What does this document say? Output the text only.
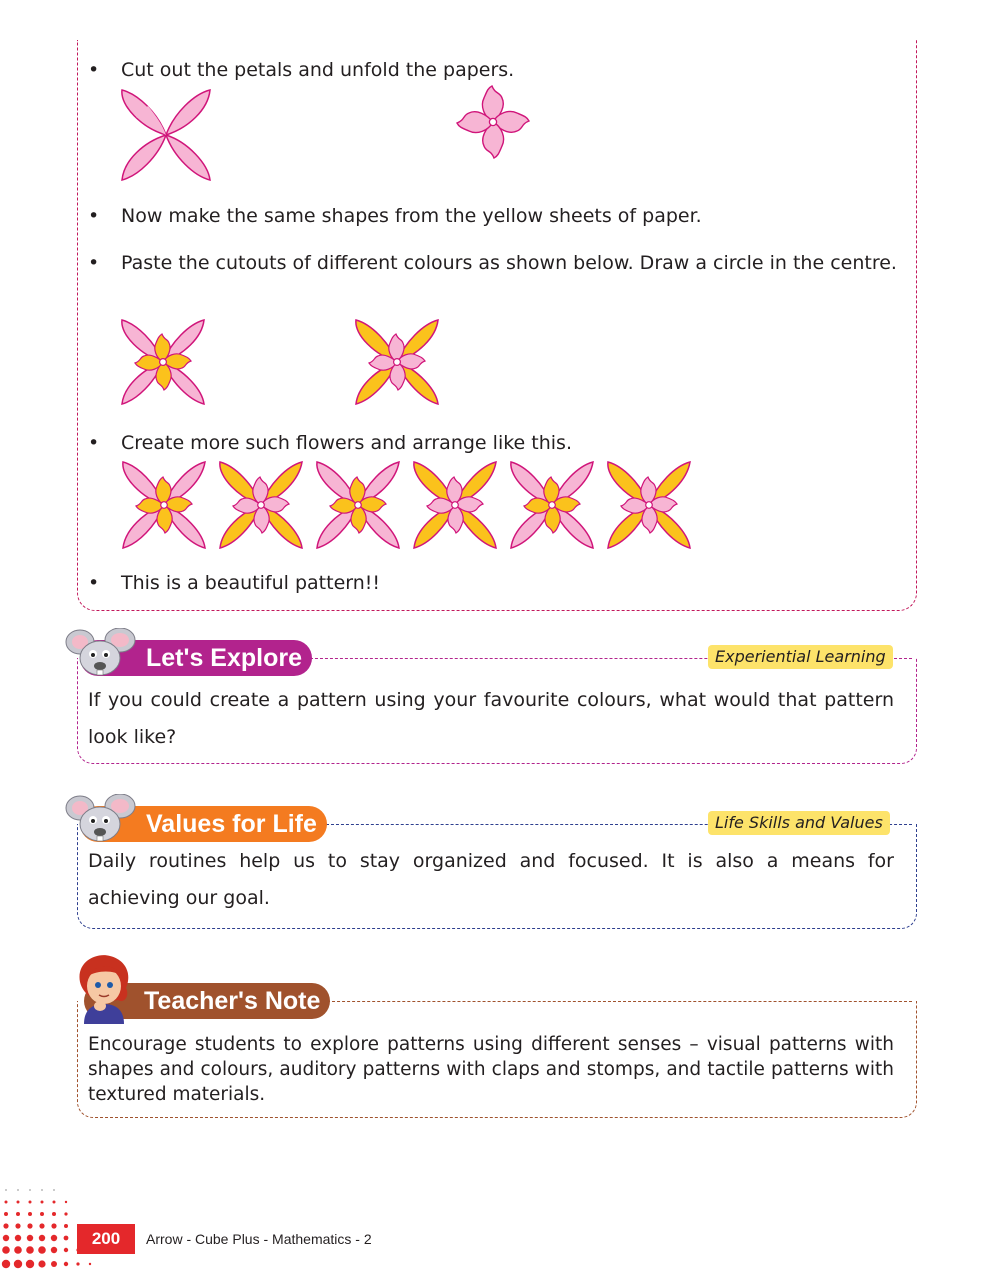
•	Cut out the petals and unfold the papers.
•	Now make the same shapes from the yellow sheets of paper.
•	Paste the cutouts of different colours as shown below. Draw a circle in the centre.
•	Create more such flowers and arrange like this.
•	This is a beautiful pattern!!
Let's Explore	Experiential Learning
If you could create a pattern using your favourite colours, what would that pattern look like?
Values for Life	Life Skills and Values
Daily routines help us to stay organized and focused. It is also a means for achieving our goal.
Teacher's Note
Encourage students to explore patterns using different senses – visual patterns with shapes and colours, auditory patterns with claps and stomps, and tactile patterns with textured materials.
200	Arrow - Cube Plus - Mathematics - 2
